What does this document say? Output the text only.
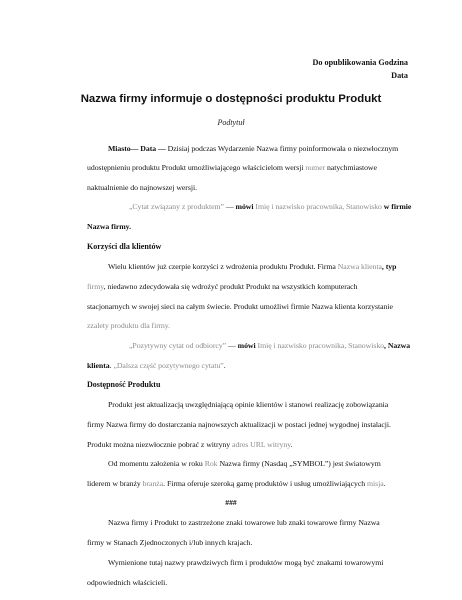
Do opublikowania Godzina
Data
Nazwa firmy informuje o dostępności produktu Produkt
Podtytuł
Miasto— Data — Dzisiaj podczas Wydarzenie Nazwa firmy poinformowała o niezwłocznym
udostępnieniu produktu Produkt umożliwiającego właścicielom wersji numer natychmiastowe
naktualnienie do najnowszej wersji.
„Cytat związany z produktem” — mówi Imię i nazwisko pracownika, Stanowisko w firmie
Nazwa firmy.
Korzyści dla klientów
Wielu klientów już czerpie korzyści z wdrożenia produktu Produkt. Firma Nazwa klienta, typ
firmy, niedawno zdecydowała się wdrożyć produkt Produkt na wszystkich komputerach
stacjonarnych w swojej sieci na całym świecie. Produkt umożliwi firmie Nazwa klienta korzystanie
zzalety produktu dla firmy.
„Pozytywny cytat od odbiorcy” — mówi Imię i nazwisko pracownika, Stanowisko, Nazwa
klienta. „Dalsza część pozytywnego cytatu”.
Dostępność Produktu
Produkt jest aktualizacją uwzględniającą opinie klientów i stanowi realizację zobowiązania
firmy Nazwa firmy do dostarczania najnowszych aktualizacji w postaci jednej wygodnej instalacji.
Produkt można niezwłocznie pobrać z witryny adres URL witryny.
Od momentu założenia w roku Rok Nazwa firmy (Nasdaq „SYMBOL”) jest światowym
liderem w branży branża. Firma oferuje szeroką gamę produktów i usług umożliwiających misja.
###
Nazwa firmy i Produkt to zastrzeżone znaki towarowe lub znaki towarowe firmy Nazwa
firmy w Stanach Zjednoczonych i/lub innych krajach.
Wymienione tutaj nazwy prawdziwych firm i produktów mogą być znakami towarowymi
odpowiednich właścicieli.
